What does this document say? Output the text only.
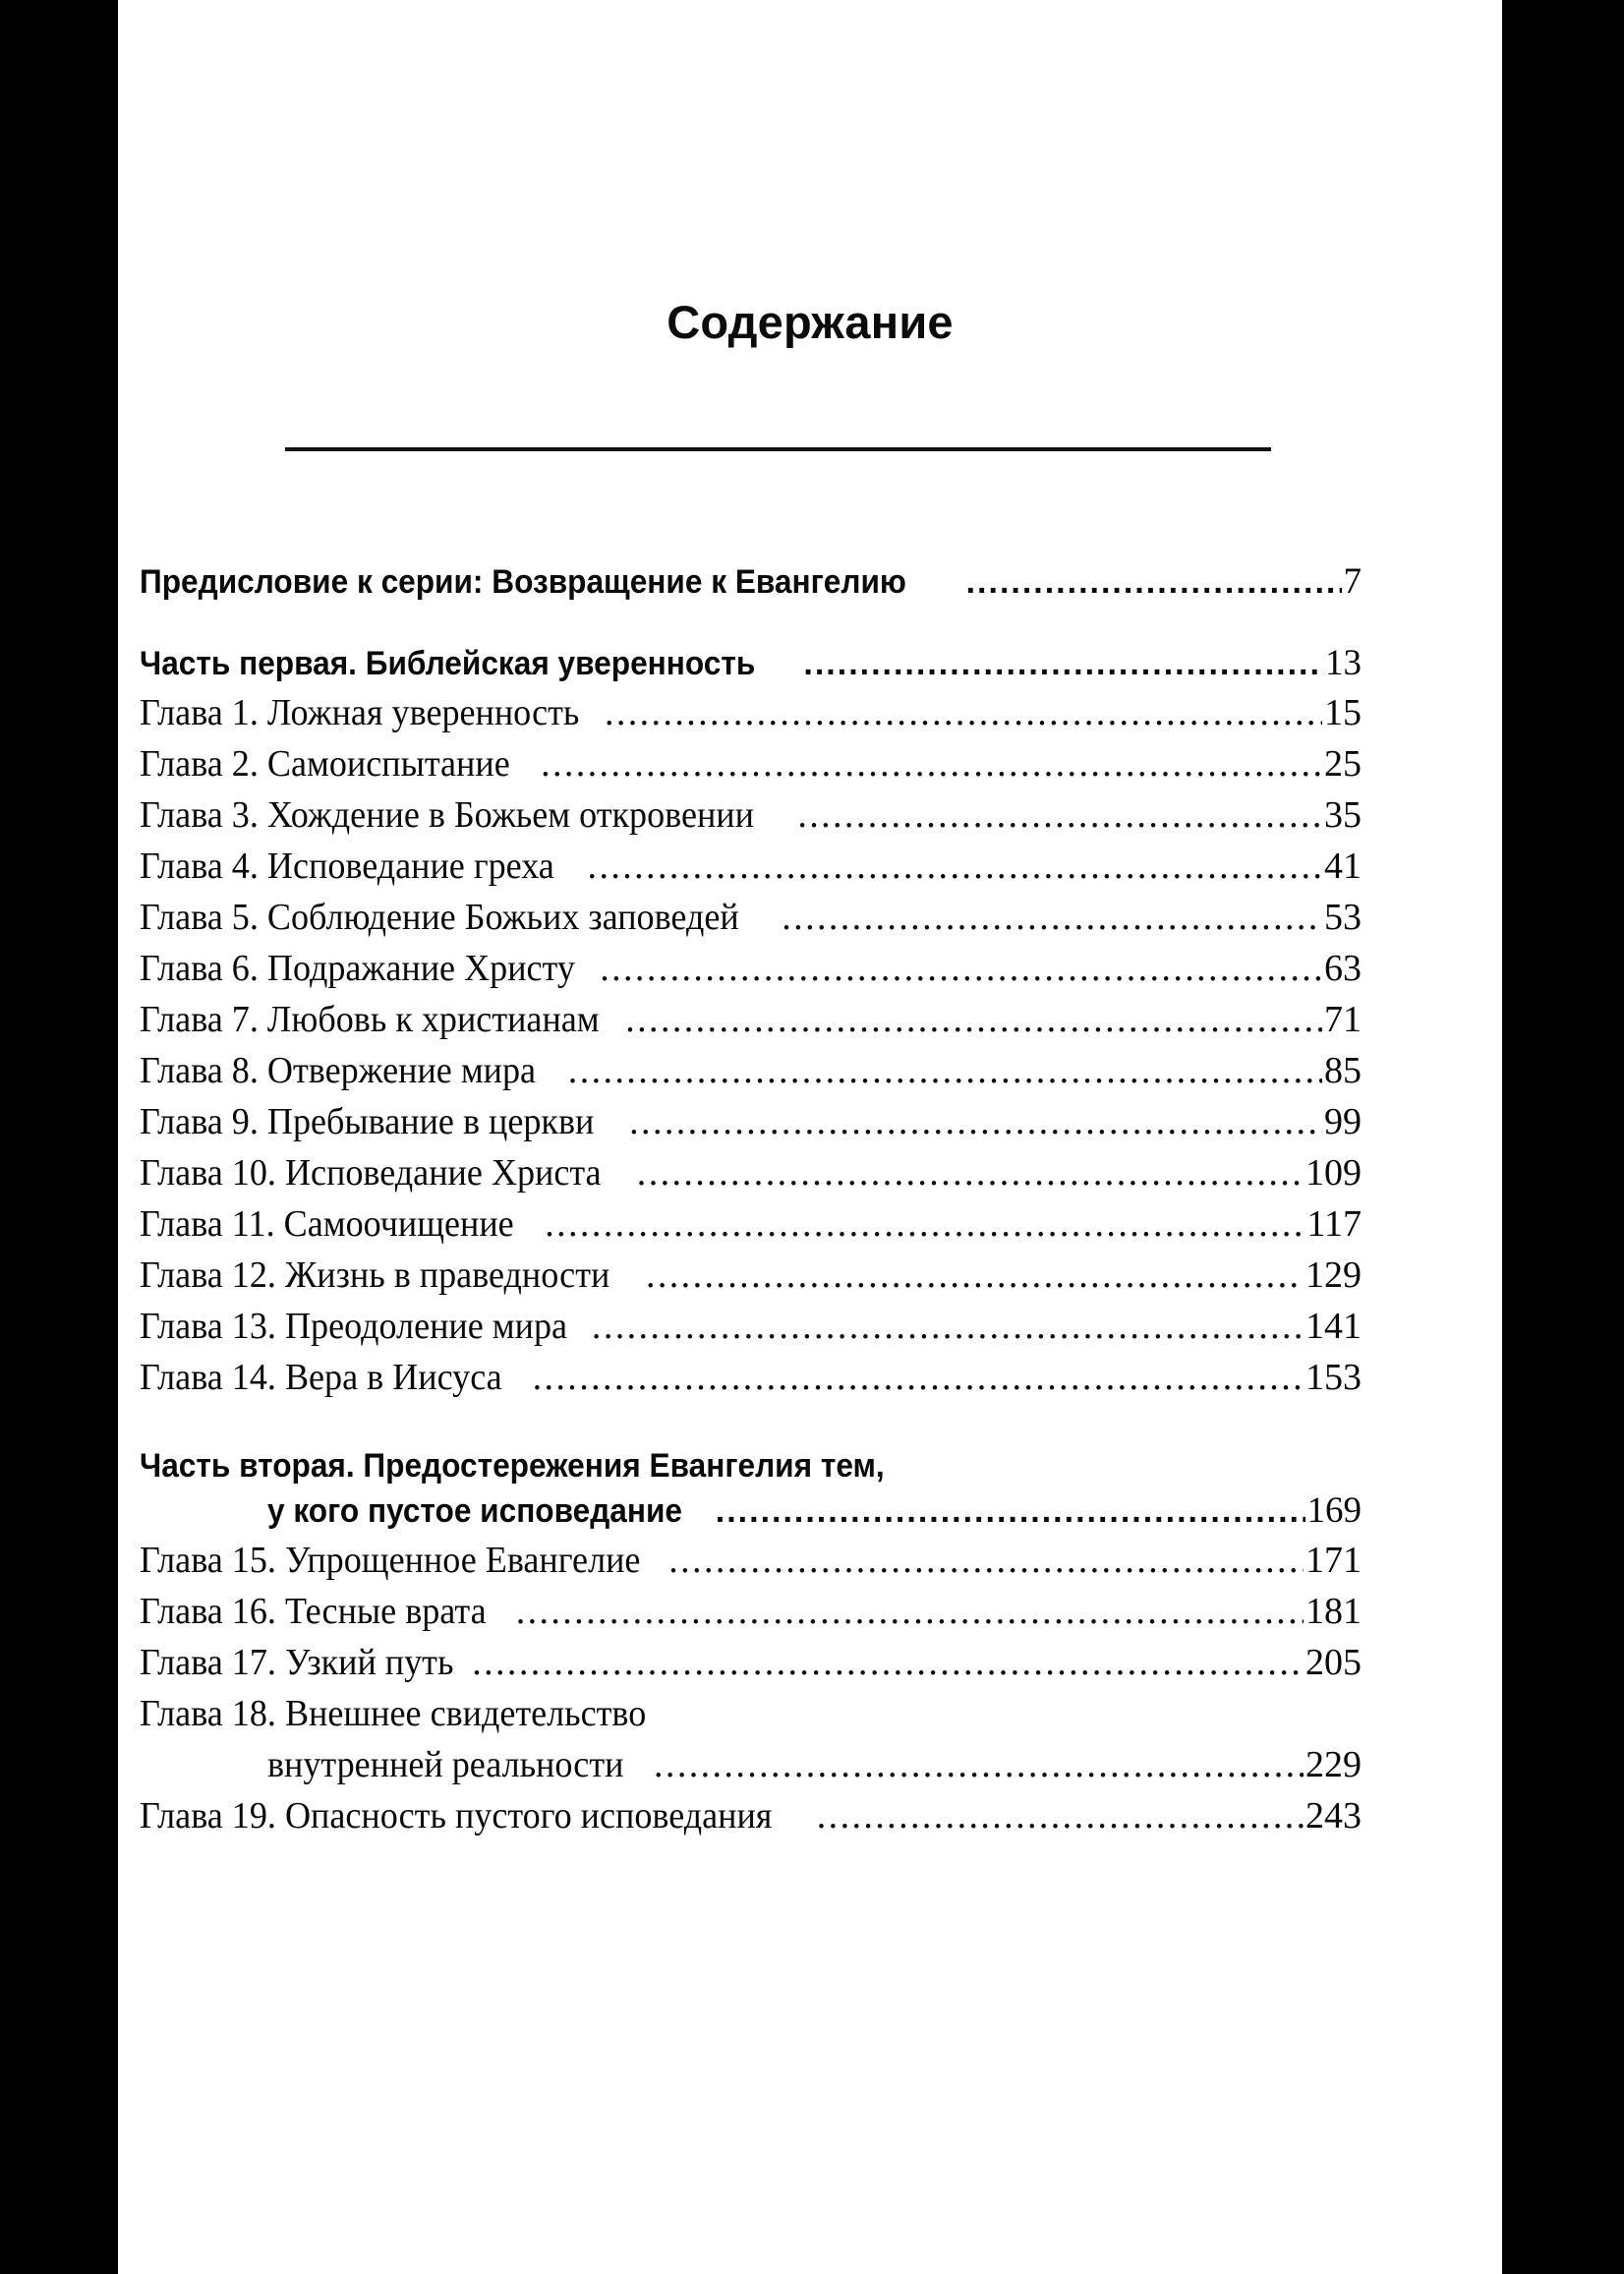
Содержание
Предисловие к серии: Возвращение к Евангелию .....	7
Часть первая. Библейская уверенность .....	13
Глава 1. Ложная уверенность .....	15
Глава 2. Самоиспытание .....	25
Глава 3. Хождение в Божьем откровении .....	35
Глава 4. Исповедание греха .....	41
Глава 5. Соблюдение Божьих заповедей .....	53
Глава 6. Подражание Христу .....	63
Глава 7. Любовь к христианам .....	71
Глава 8. Отвержение мира .....	85
Глава 9. Пребывание в церкви .....	99
Глава 10. Исповедание Христа .....	109
Глава 11. Самоочищение .....	117
Глава 12. Жизнь в праведности .....	129
Глава 13. Преодоление мира .....	141
Глава 14. Вера в Иисуса .....	153
Часть вторая. Предостережения Евангелия тем,
у кого пустое исповедание .....	169
Глава 15. Упрощенное Евангелие .....	171
Глава 16. Тесные врата .....	181
Глава 17. Узкий путь .....	205
Глава 18. Внешнее свидетельство
внутренней реальности .....	229
Глава 19. Опасность пустого исповедания .....	243
